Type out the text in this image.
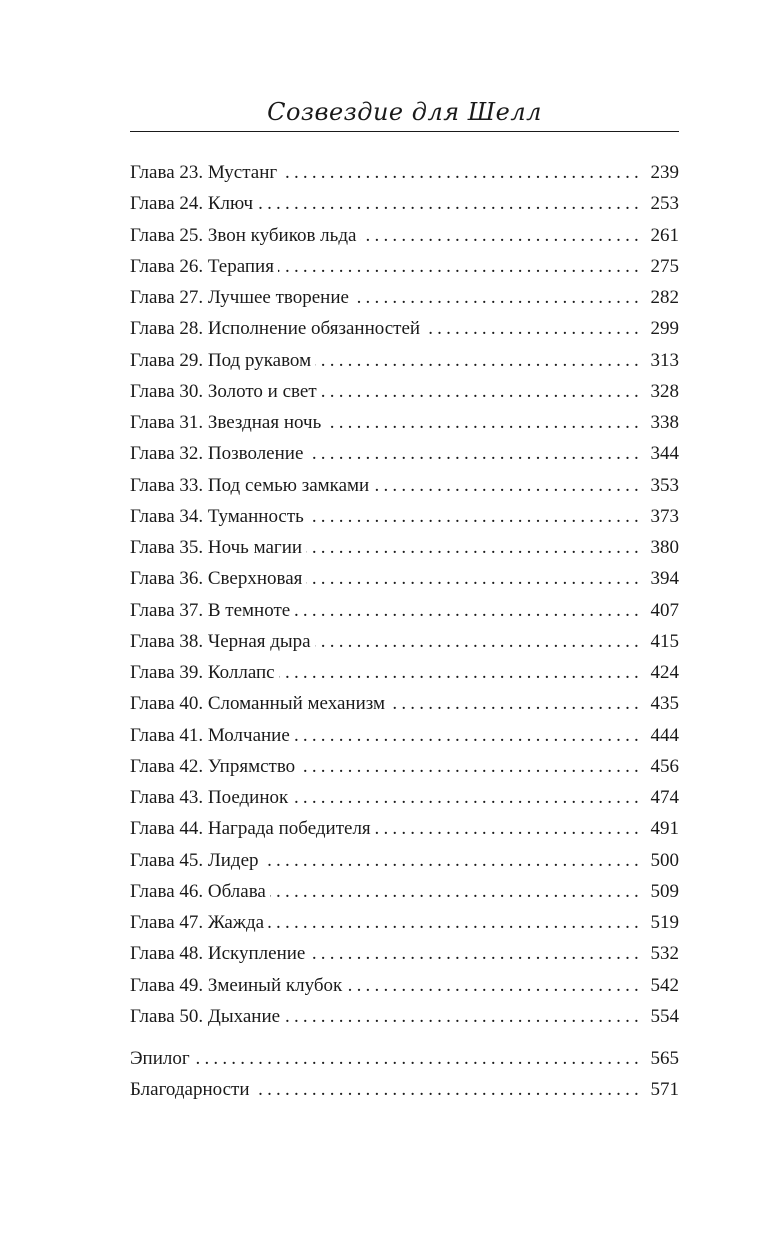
Созвездие для Шелл
Глава 23. Мустанг .....	239
Глава 24. Ключ .....	253
Глава 25. Звон кубиков льда .....	261
Глава 26. Терапия .....	275
Глава 27. Лучшее творение .....	282
Глава 28. Исполнение обязанностей .....	299
Глава 29. Под рукавом .....	313
Глава 30. Золото и свет .....	328
Глава 31. Звездная ночь .....	338
Глава 32. Позволение .....	344
Глава 33. Под семью замками .....	353
Глава 34. Туманность .....	373
Глава 35. Ночь магии .....	380
Глава 36. Сверхновая .....	394
Глава 37. В темноте .....	407
Глава 38. Черная дыра .....	415
Глава 39. Коллапс .....	424
Глава 40. Сломанный механизм .....	435
Глава 41. Молчание .....	444
Глава 42. Упрямство .....	456
Глава 43. Поединок .....	474
Глава 44. Награда победителя .....	491
Глава 45. Лидер .....	500
Глава 46. Облава .....	509
Глава 47. Жажда .....	519
Глава 48. Искупление .....	532
Глава 49. Змеиный клубок .....	542
Глава 50. Дыхание .....	554
Эпилог .....	565
Благодарности .....	571
